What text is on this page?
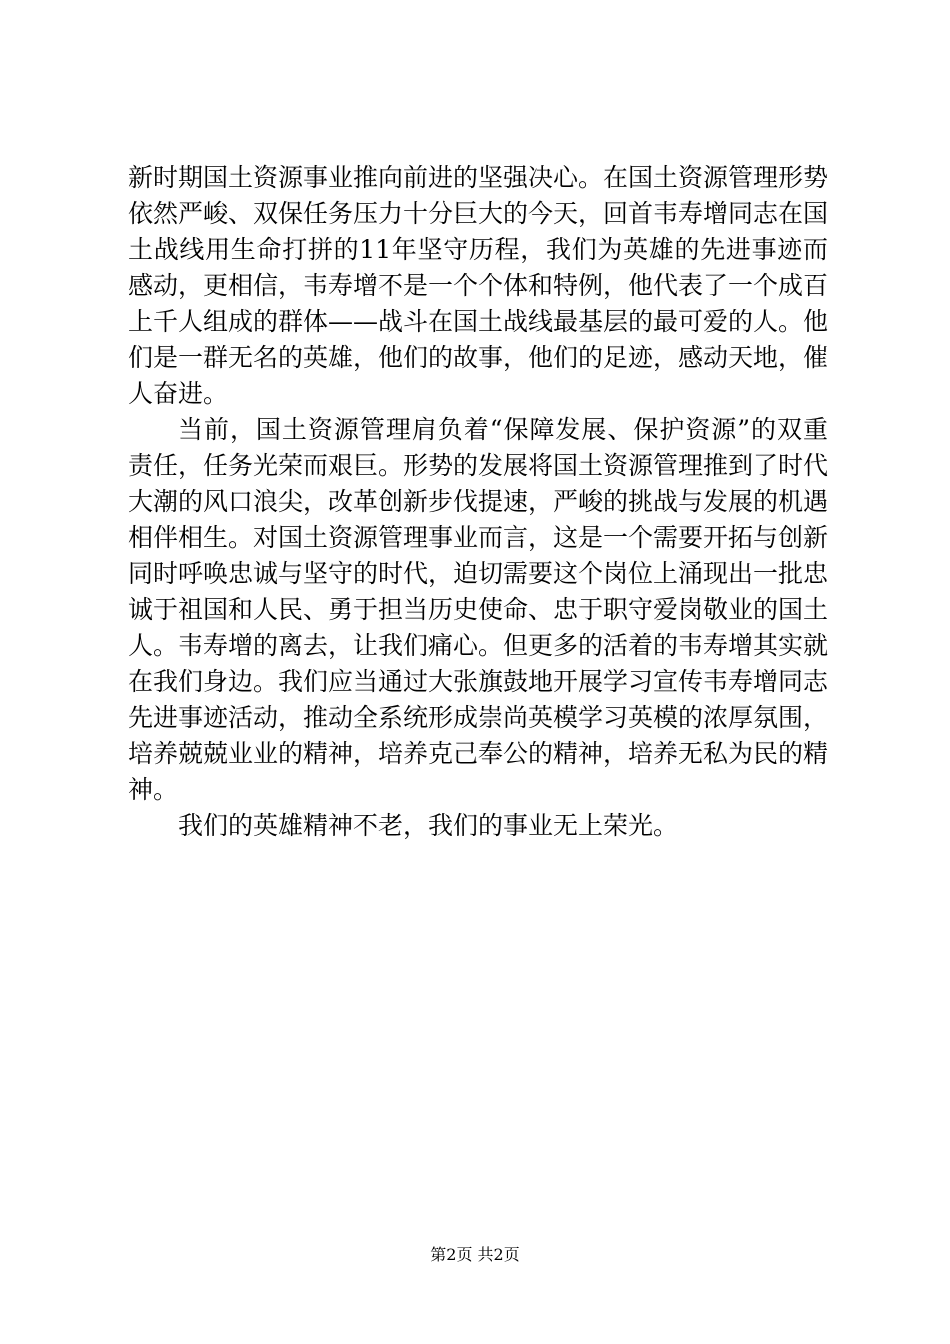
新时期国土资源事业推向前进的坚强决心。在国土资源管理形势依然严峻、双保任务压力十分巨大的今天，回首韦寿增同志在国土战线用生命打拼的11年坚守历程，我们为英雄的先进事迹而感动，更相信，韦寿增不是一个个体和特例，他代表了一个成百上千人组成的群体——战斗在国土战线最基层的最可爱的人。他们是一群无名的英雄，他们的故事，他们的足迹，感动天地，催人奋进。

当前，国土资源管理肩负着“保障发展、保护资源”的双重责任，任务光荣而艰巨。形势的发展将国土资源管理推到了时代大潮的风口浪尖，改革创新步伐提速，严峻的挑战与发展的机遇相伴相生。对国土资源管理事业而言，这是一个需要开拓与创新同时呼唤忠诚与坚守的时代，迫切需要这个岗位上涌现出一批忠诚于祖国和人民、勇于担当历史使命、忠于职守爱岗敬业的国土人。韦寿增的离去，让我们痛心。但更多的活着的韦寿增其实就在我们身边。我们应当通过大张旗鼓地开展学习宣传韦寿增同志先进事迹活动，推动全系统形成崇尚英模学习英模的浓厚氛围，培养兢兢业业的精神，培养克己奉公的精神，培养无私为民的精神。

我们的英雄精神不老，我们的事业无上荣光。

第2页 共2页
